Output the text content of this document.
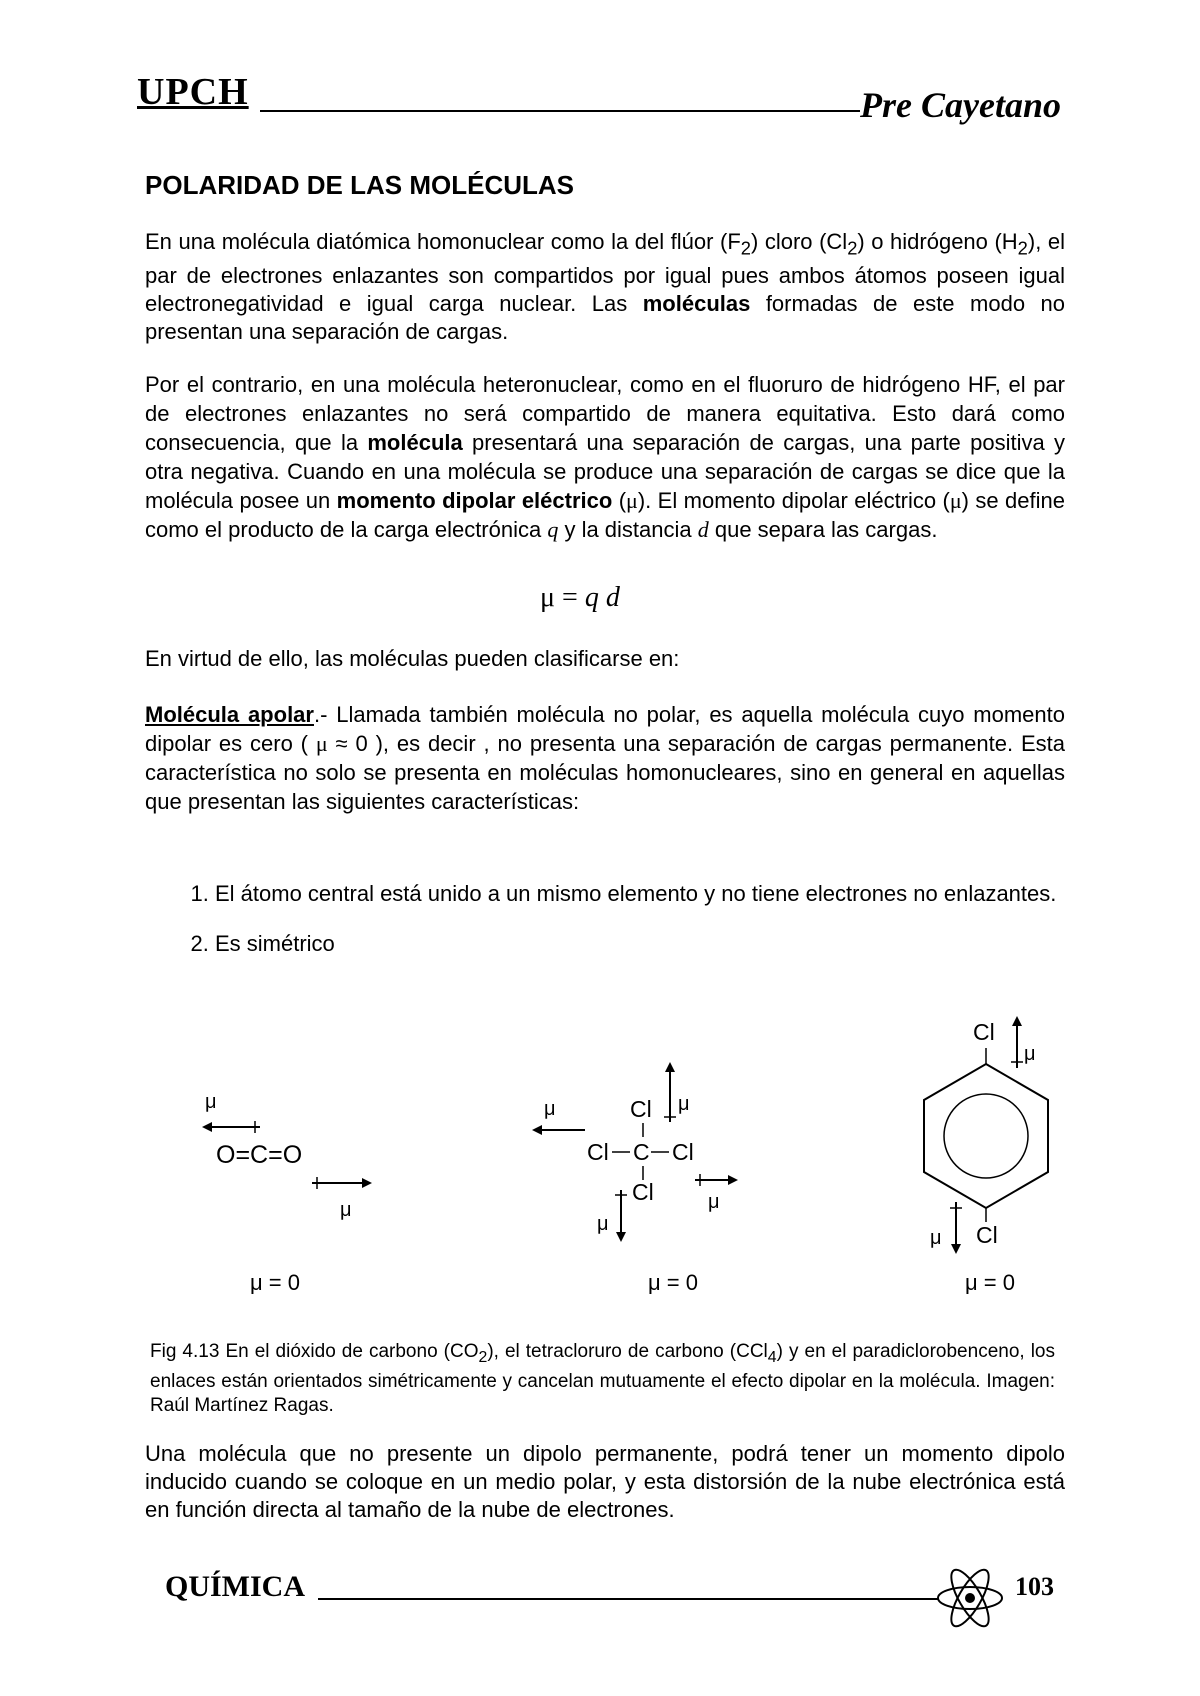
UPCH	Pre Cayetano
POLARIDAD DE LAS MOLÉCULAS

En una molécula diatómica homonuclear como la del flúor $(F_2)$ cloro $(Cl_2)$ o hidrógeno $(H_2)$, el par de electrones enlazantes son compartidos por igual pues ambos átomos poseen igual electronegatividad e igual carga nuclear. Las moléculas formadas de este modo no presentan una separación de cargas.

Por el contrario, en una molécula heteronuclear, como en el fluoruro de hidrógeno HF, el par de electrones enlazantes no será compartido de manera equitativa. Esto dará como consecuencia, que la molécula presentará una separación de cargas, una parte positiva y otra negativa. Cuando en una molécula se produce una separación de cargas se dice que la molécula posee un momento dipolar eléctrico (μ). El momento dipolar eléctrico (μ) se define como el producto de la carga electrónica q y la distancia d que separa las cargas.

μ = q d

En virtud de ello, las moléculas pueden clasificarse en:

Molécula apolar.- Llamada también molécula no polar, es aquella molécula cuyo momento dipolar es cero ( μ ≈ 0 ), es decir , no presenta una separación de cargas permanente. Esta característica no solo se presenta en moléculas homonucleares, sino en general en aquellas que presentan las siguientes características:

1. El átomo central está unido a un mismo elemento y no tiene electrones no enlazantes.
2. Es simétrico
μ
O=C=O
μ
μ = 0
μ	μ
Cl
Cl C Cl
Cl	μ
μ
μ = 0
Cl
μ
Cl
μ
μ = 0

Fig 4.13 En el dióxido de carbono $(CO_2)$, el tetracloruro de carbono (CCl$_4$) y en el paradiclorobenceno, los enlaces están orientados simétricamente y cancelan mutuamente el efecto dipolar en la molécula. Imagen: Raúl Martínez Ragas.

Una molécula que no presente un dipolo permanente, podrá tener un momento dipolo inducido cuando se coloque en un medio polar, y esta distorsión de la nube electrónica está en función directa al tamaño de la nube de electrones.

QUÍMICA	103
